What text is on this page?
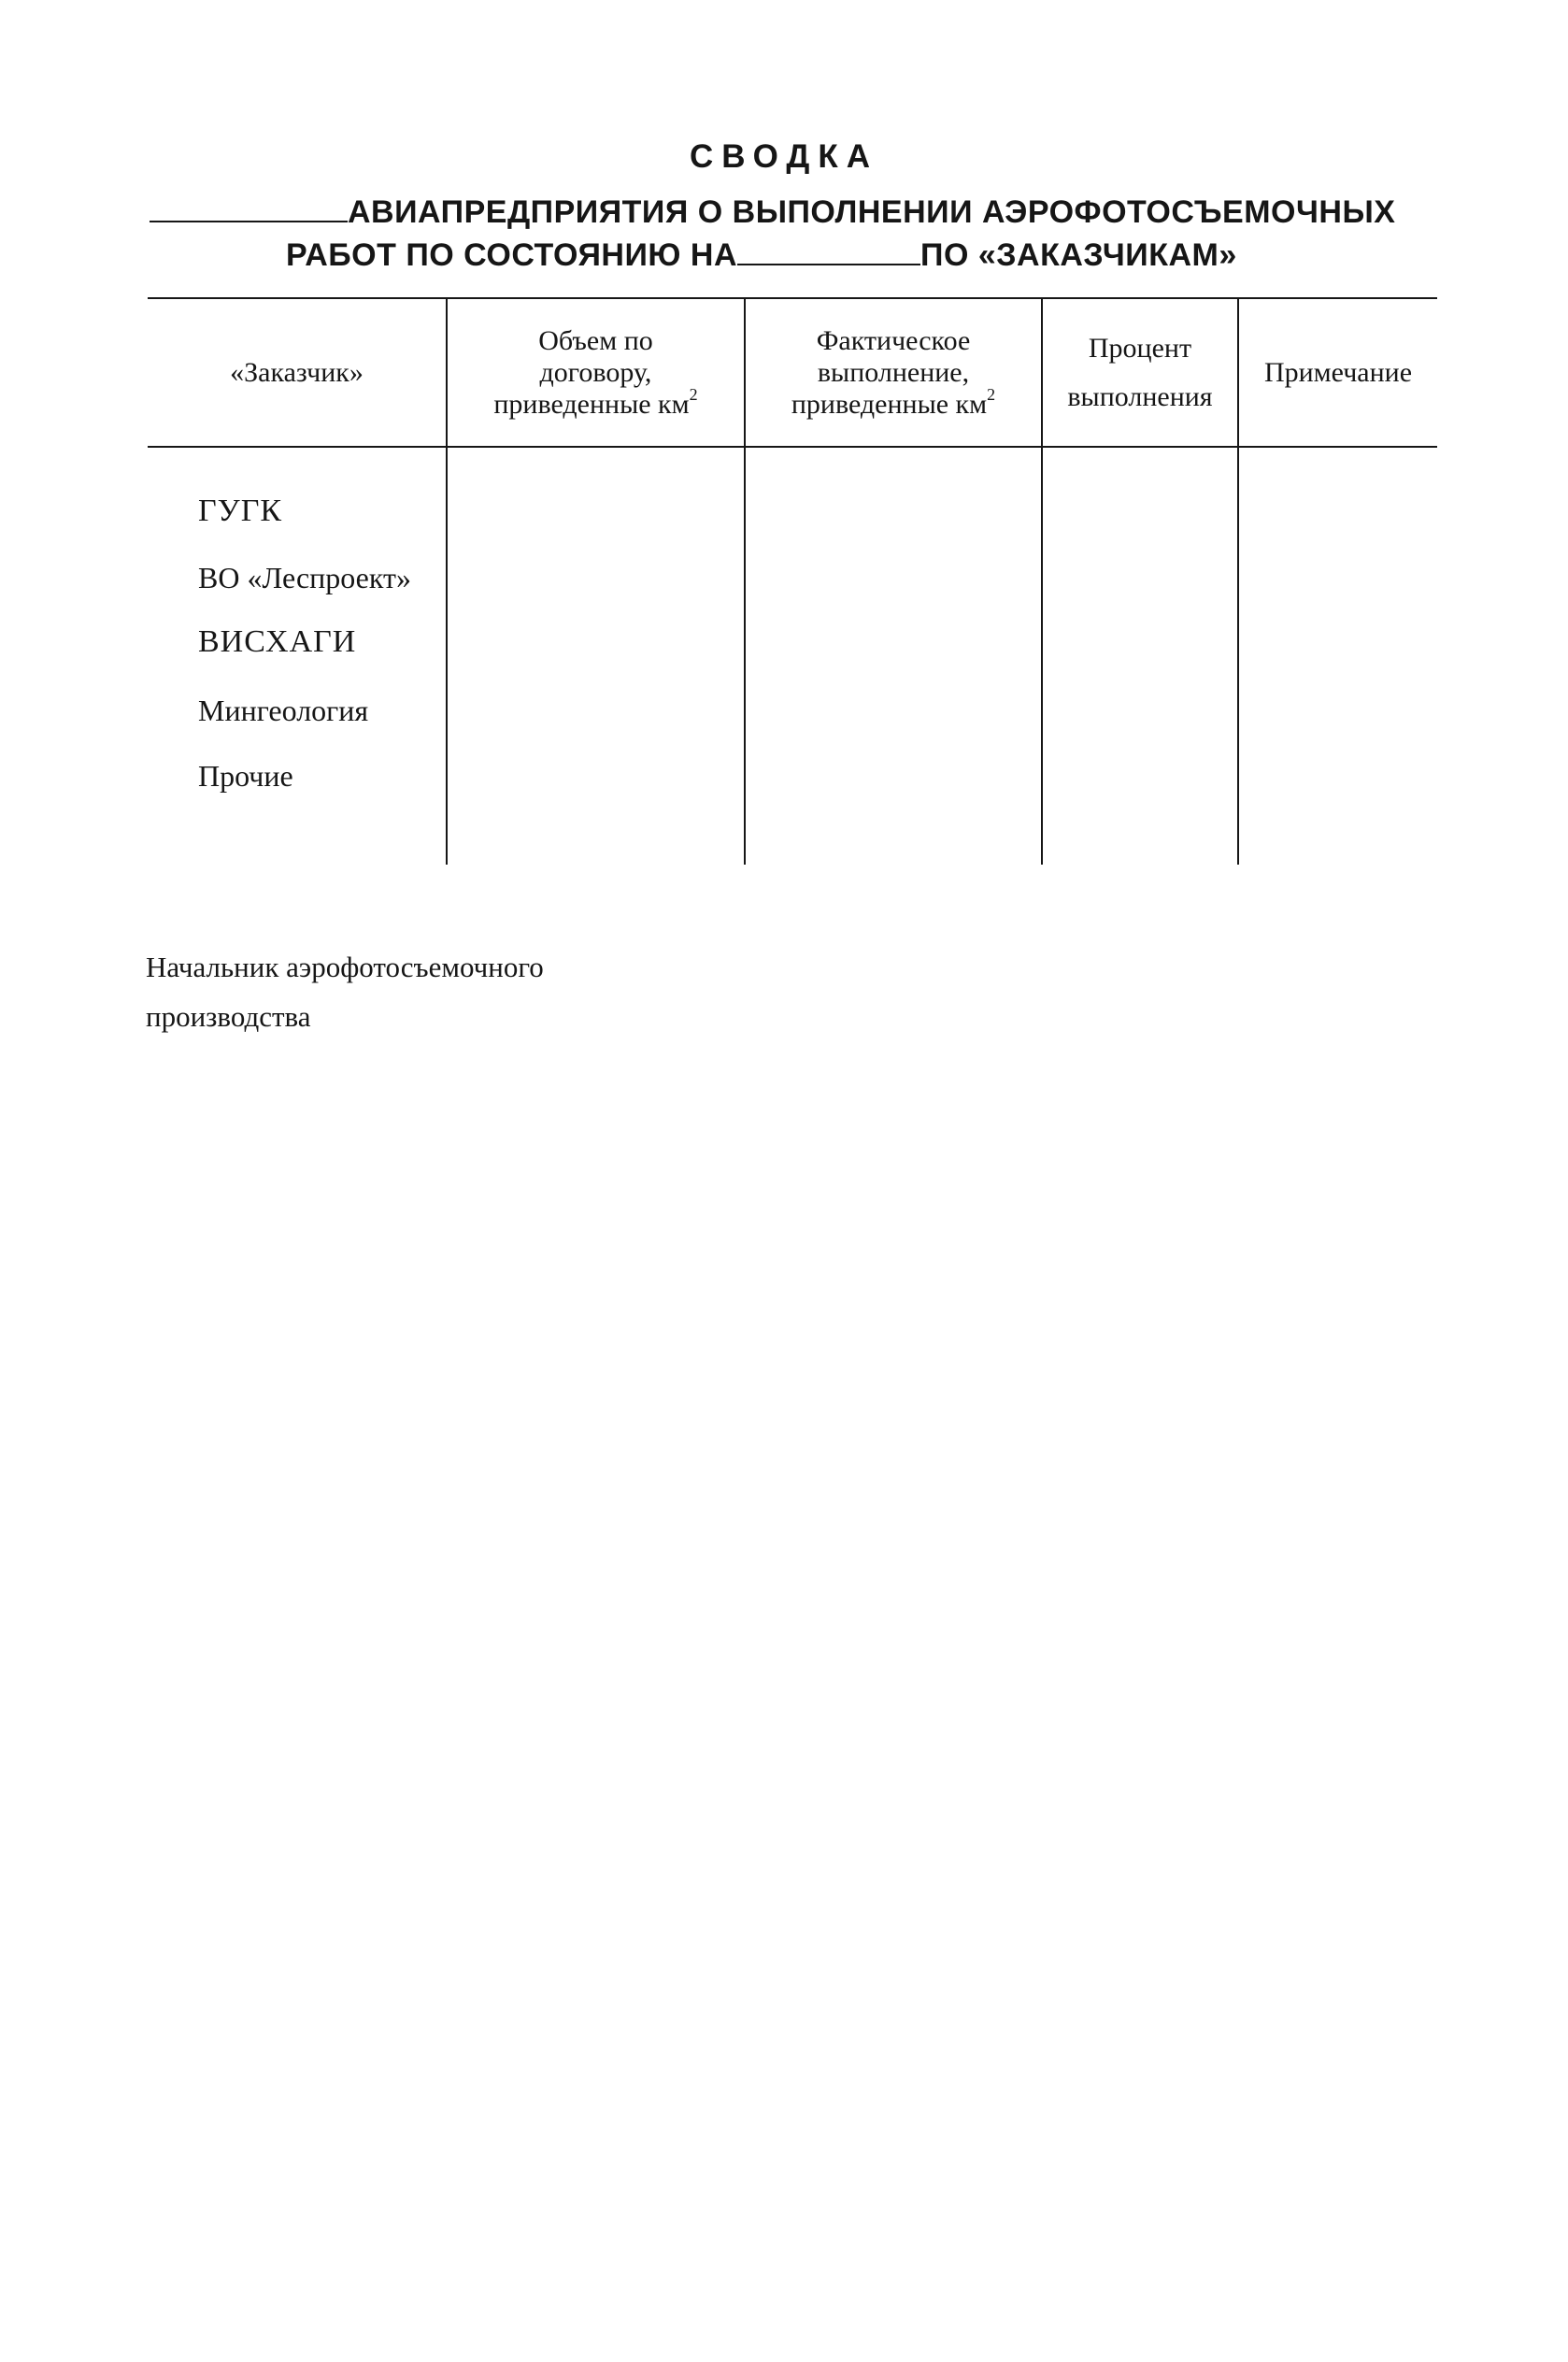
СВОДКА
АВИАПРЕДПРИЯТИЯ О ВЫПОЛНЕНИИ АЭРОФОТОСЪЕМОЧНЫХ
РАБОТ ПО СОСТОЯНИЮ НА	ПО «ЗАКАЗЧИКАМ»
«Заказчик»
Объем по
договору,
приведенные $км^2$
Фактическое
выполнение,
приведенные $км^2$
Процент
выполнения
Примечание
ГУГК
ВО «Леспроект»
ВИСХАГИ
Мингеология
Прочие
Начальник аэрофотосъемочного
производства
